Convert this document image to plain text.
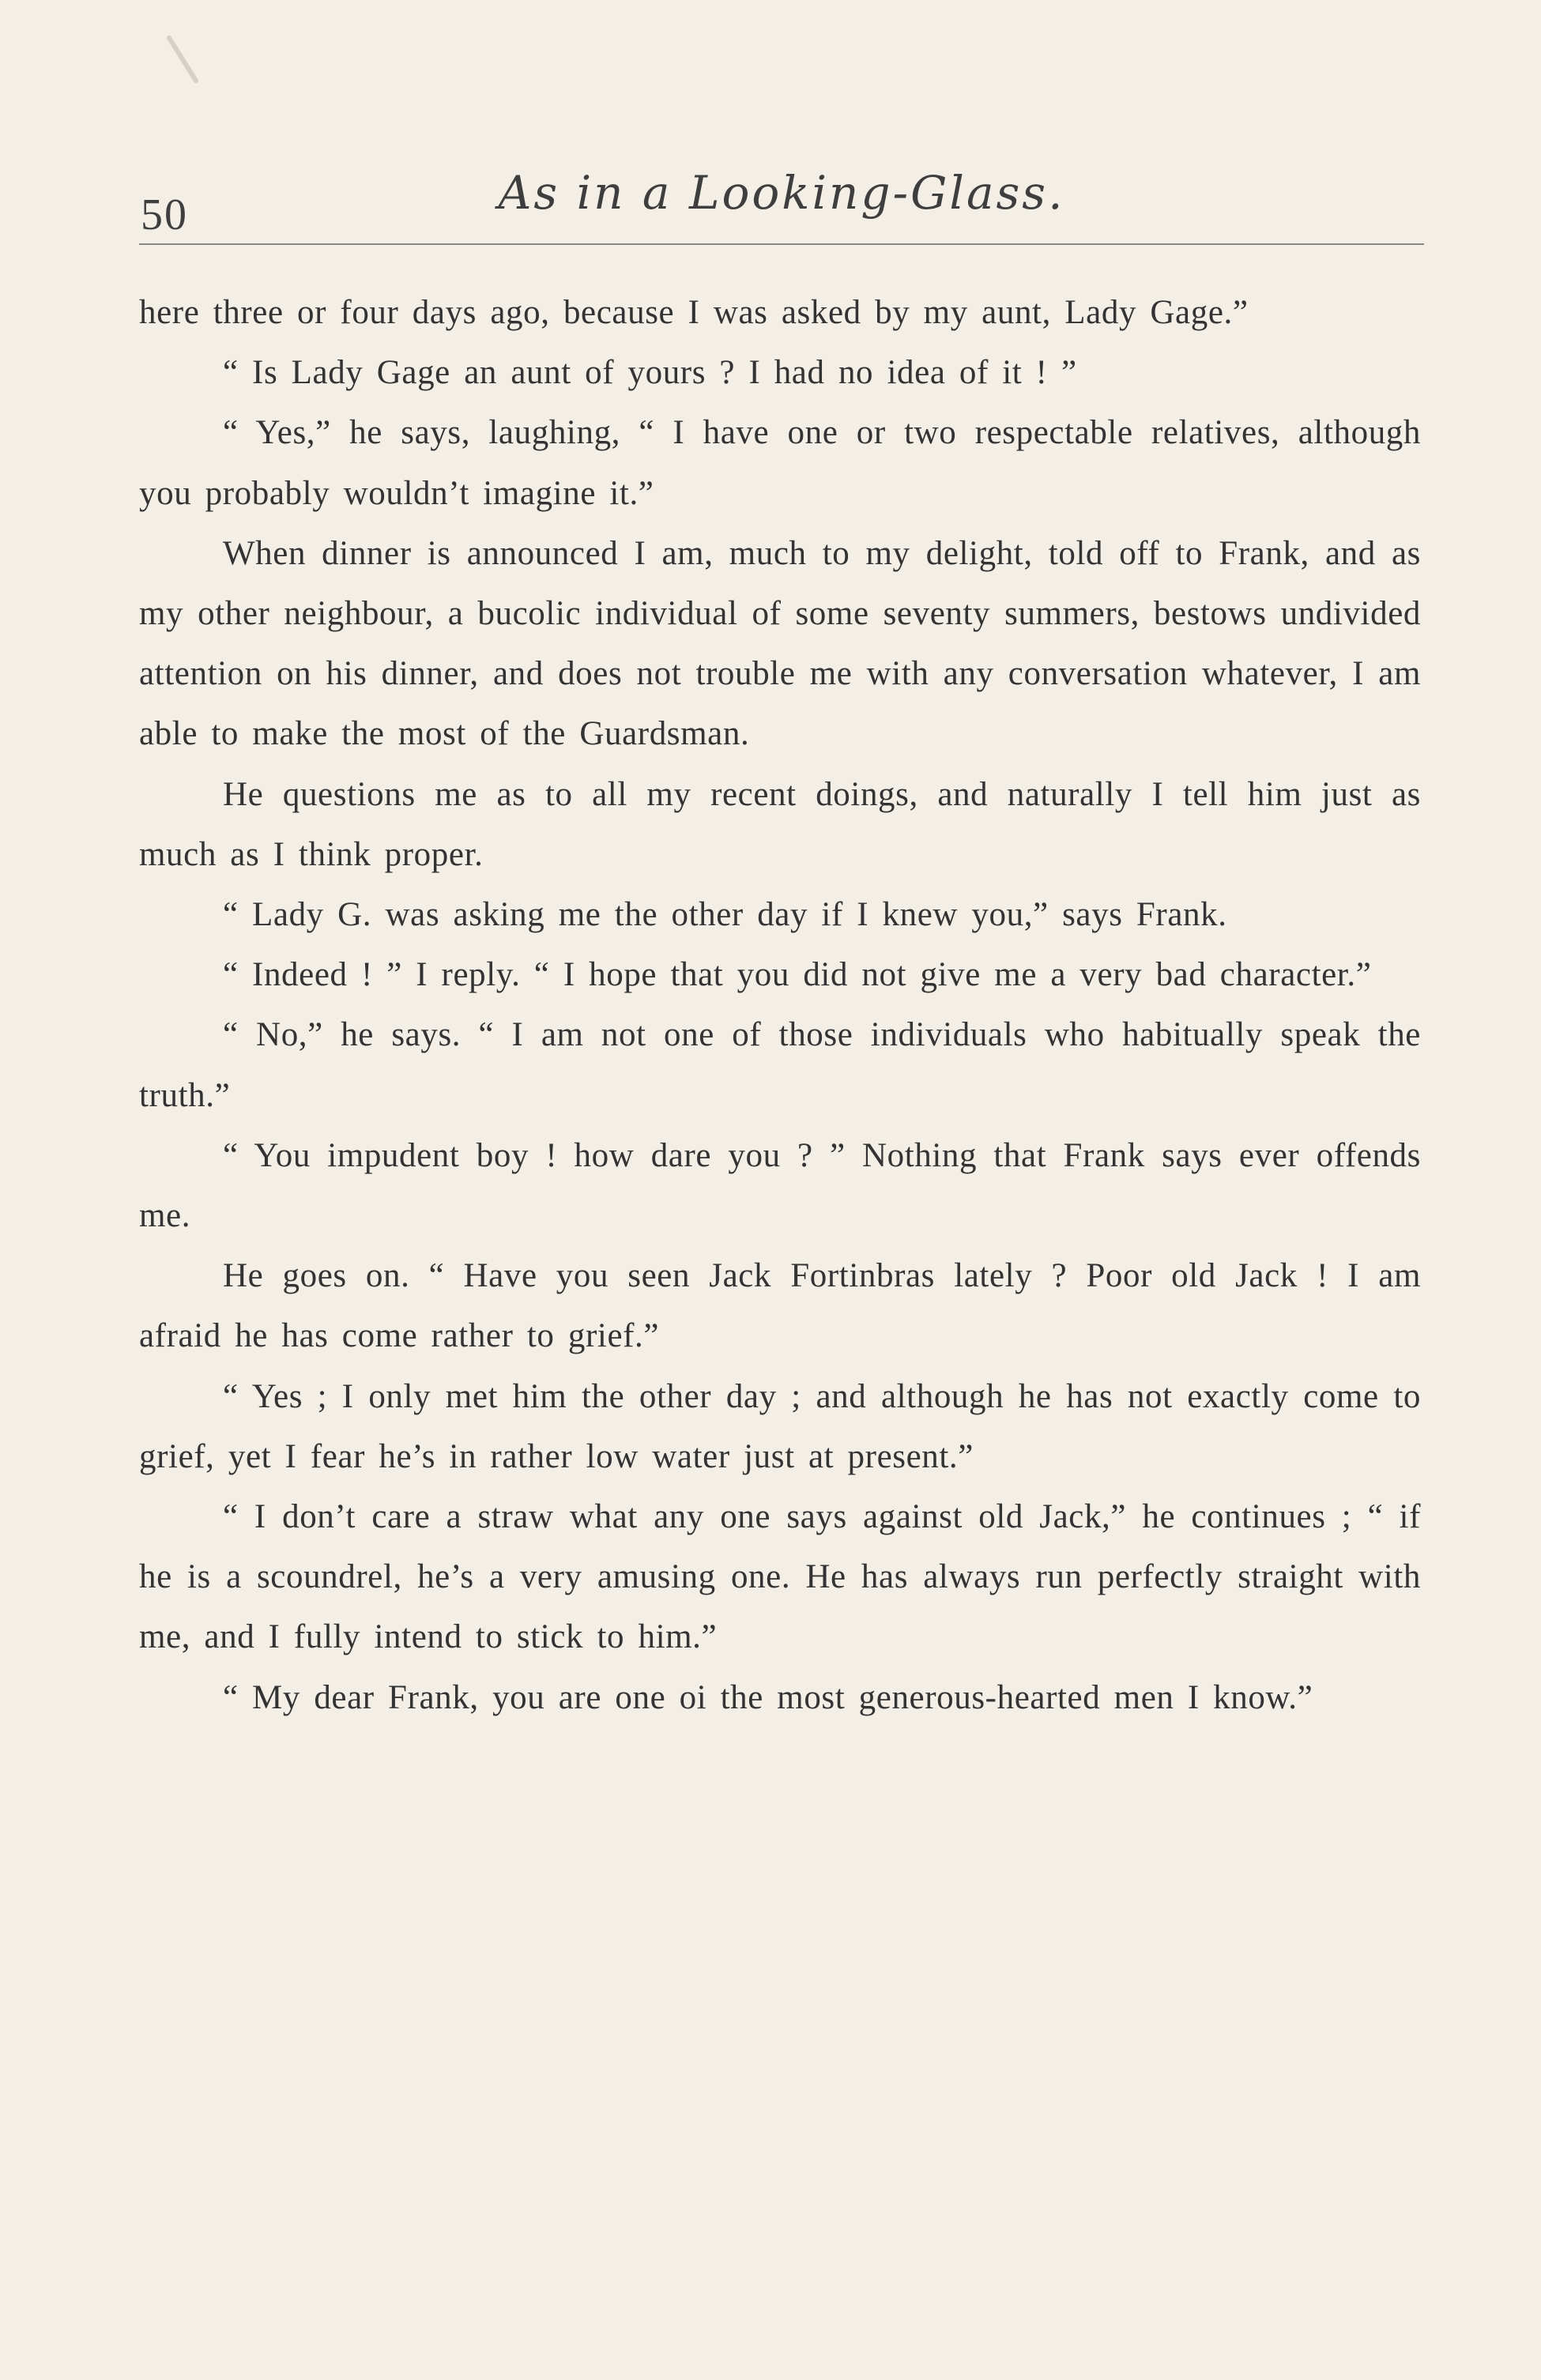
50	As in a Looking-Glass.

here three or four days ago, because I was asked by my aunt, Lady Gage.”

“ Is Lady Gage an aunt of yours ? I had no idea of it ! ”

“ Yes,” he says, laughing, “ I have one or two respectable relatives, although you probably wouldn’t imagine it.”

When dinner is announced I am, much to my delight, told off to Frank, and as my other neighbour, a bucolic individual of some seventy summers, bestows undivided attention on his dinner, and does not trouble me with any conversation whatever, I am able to make the most of the Guardsman.

He questions me as to all my recent doings, and naturally I tell him just as much as I think proper.

“ Lady G. was asking me the other day if I knew you,” says Frank.

“ Indeed ! ” I reply. “ I hope that you did not give me a very bad character.”

“ No,” he says. “ I am not one of those individuals who habitually speak the truth.”

“ You impudent boy ! how dare you ? ” Nothing that Frank says ever offends me.

He goes on. “ Have you seen Jack Fortinbras lately ? Poor old Jack ! I am afraid he has come rather to grief.”

“ Yes ; I only met him the other day ; and although he has not exactly come to grief, yet I fear he’s in rather low water just at present.”

“ I don’t care a straw what any one says against old Jack,” he continues ; “ if he is a scoundrel, he’s a very amusing one. He has always run perfectly straight with me, and I fully intend to stick to him.”

“ My dear Frank, you are one oi the most generous-hearted men I know.”
